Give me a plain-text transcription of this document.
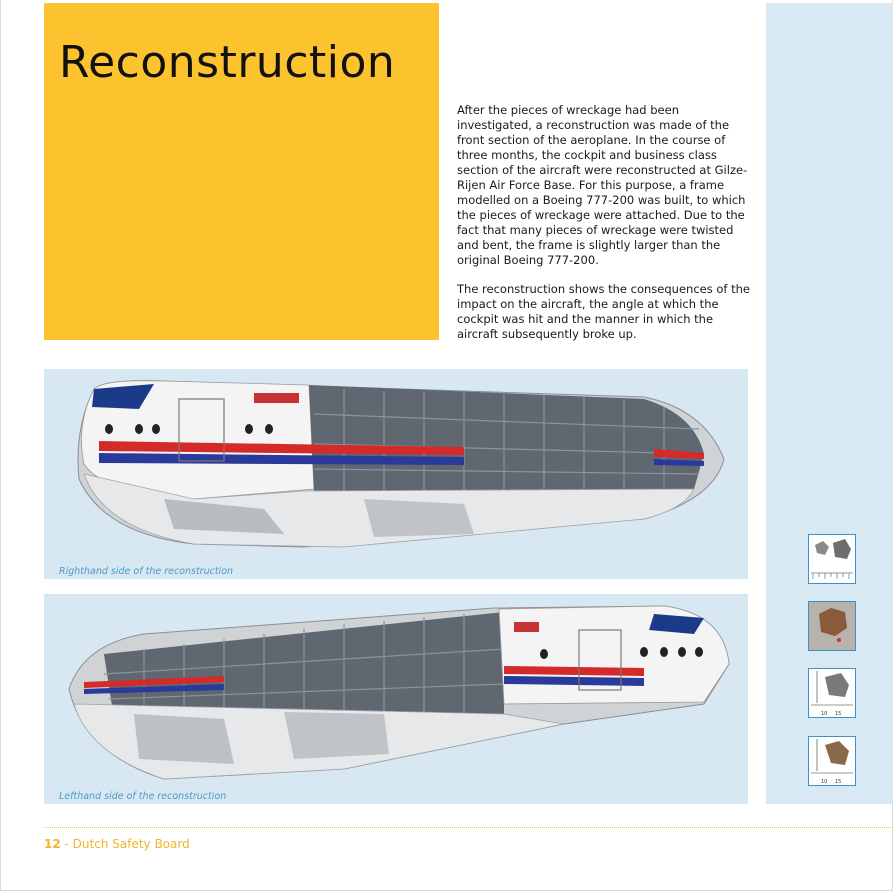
Reconstruction

After the pieces of wreckage had been investigated, a reconstruction was made of the front section of the aeroplane. In the course of three months, the cockpit and business class section of the aircraft were reconstructed at Gilze-Rijen Air Force Base. For this purpose, a frame modelled on a Boeing 777-200 was built, to which the pieces of wreckage were attached. Due to the fact that many pieces of wreckage were twisted and bent, the frame is slightly larger than the original Boeing 777-200.

The reconstruction shows the consequences of the impact on the aircraft, the angle at which the cockpit was hit and the manner in which the aircraft subsequently broke up.

Righthand side of the reconstruction
Lefthand side of the reconstruction
15
10
15
10
12 - Dutch Safety Board
